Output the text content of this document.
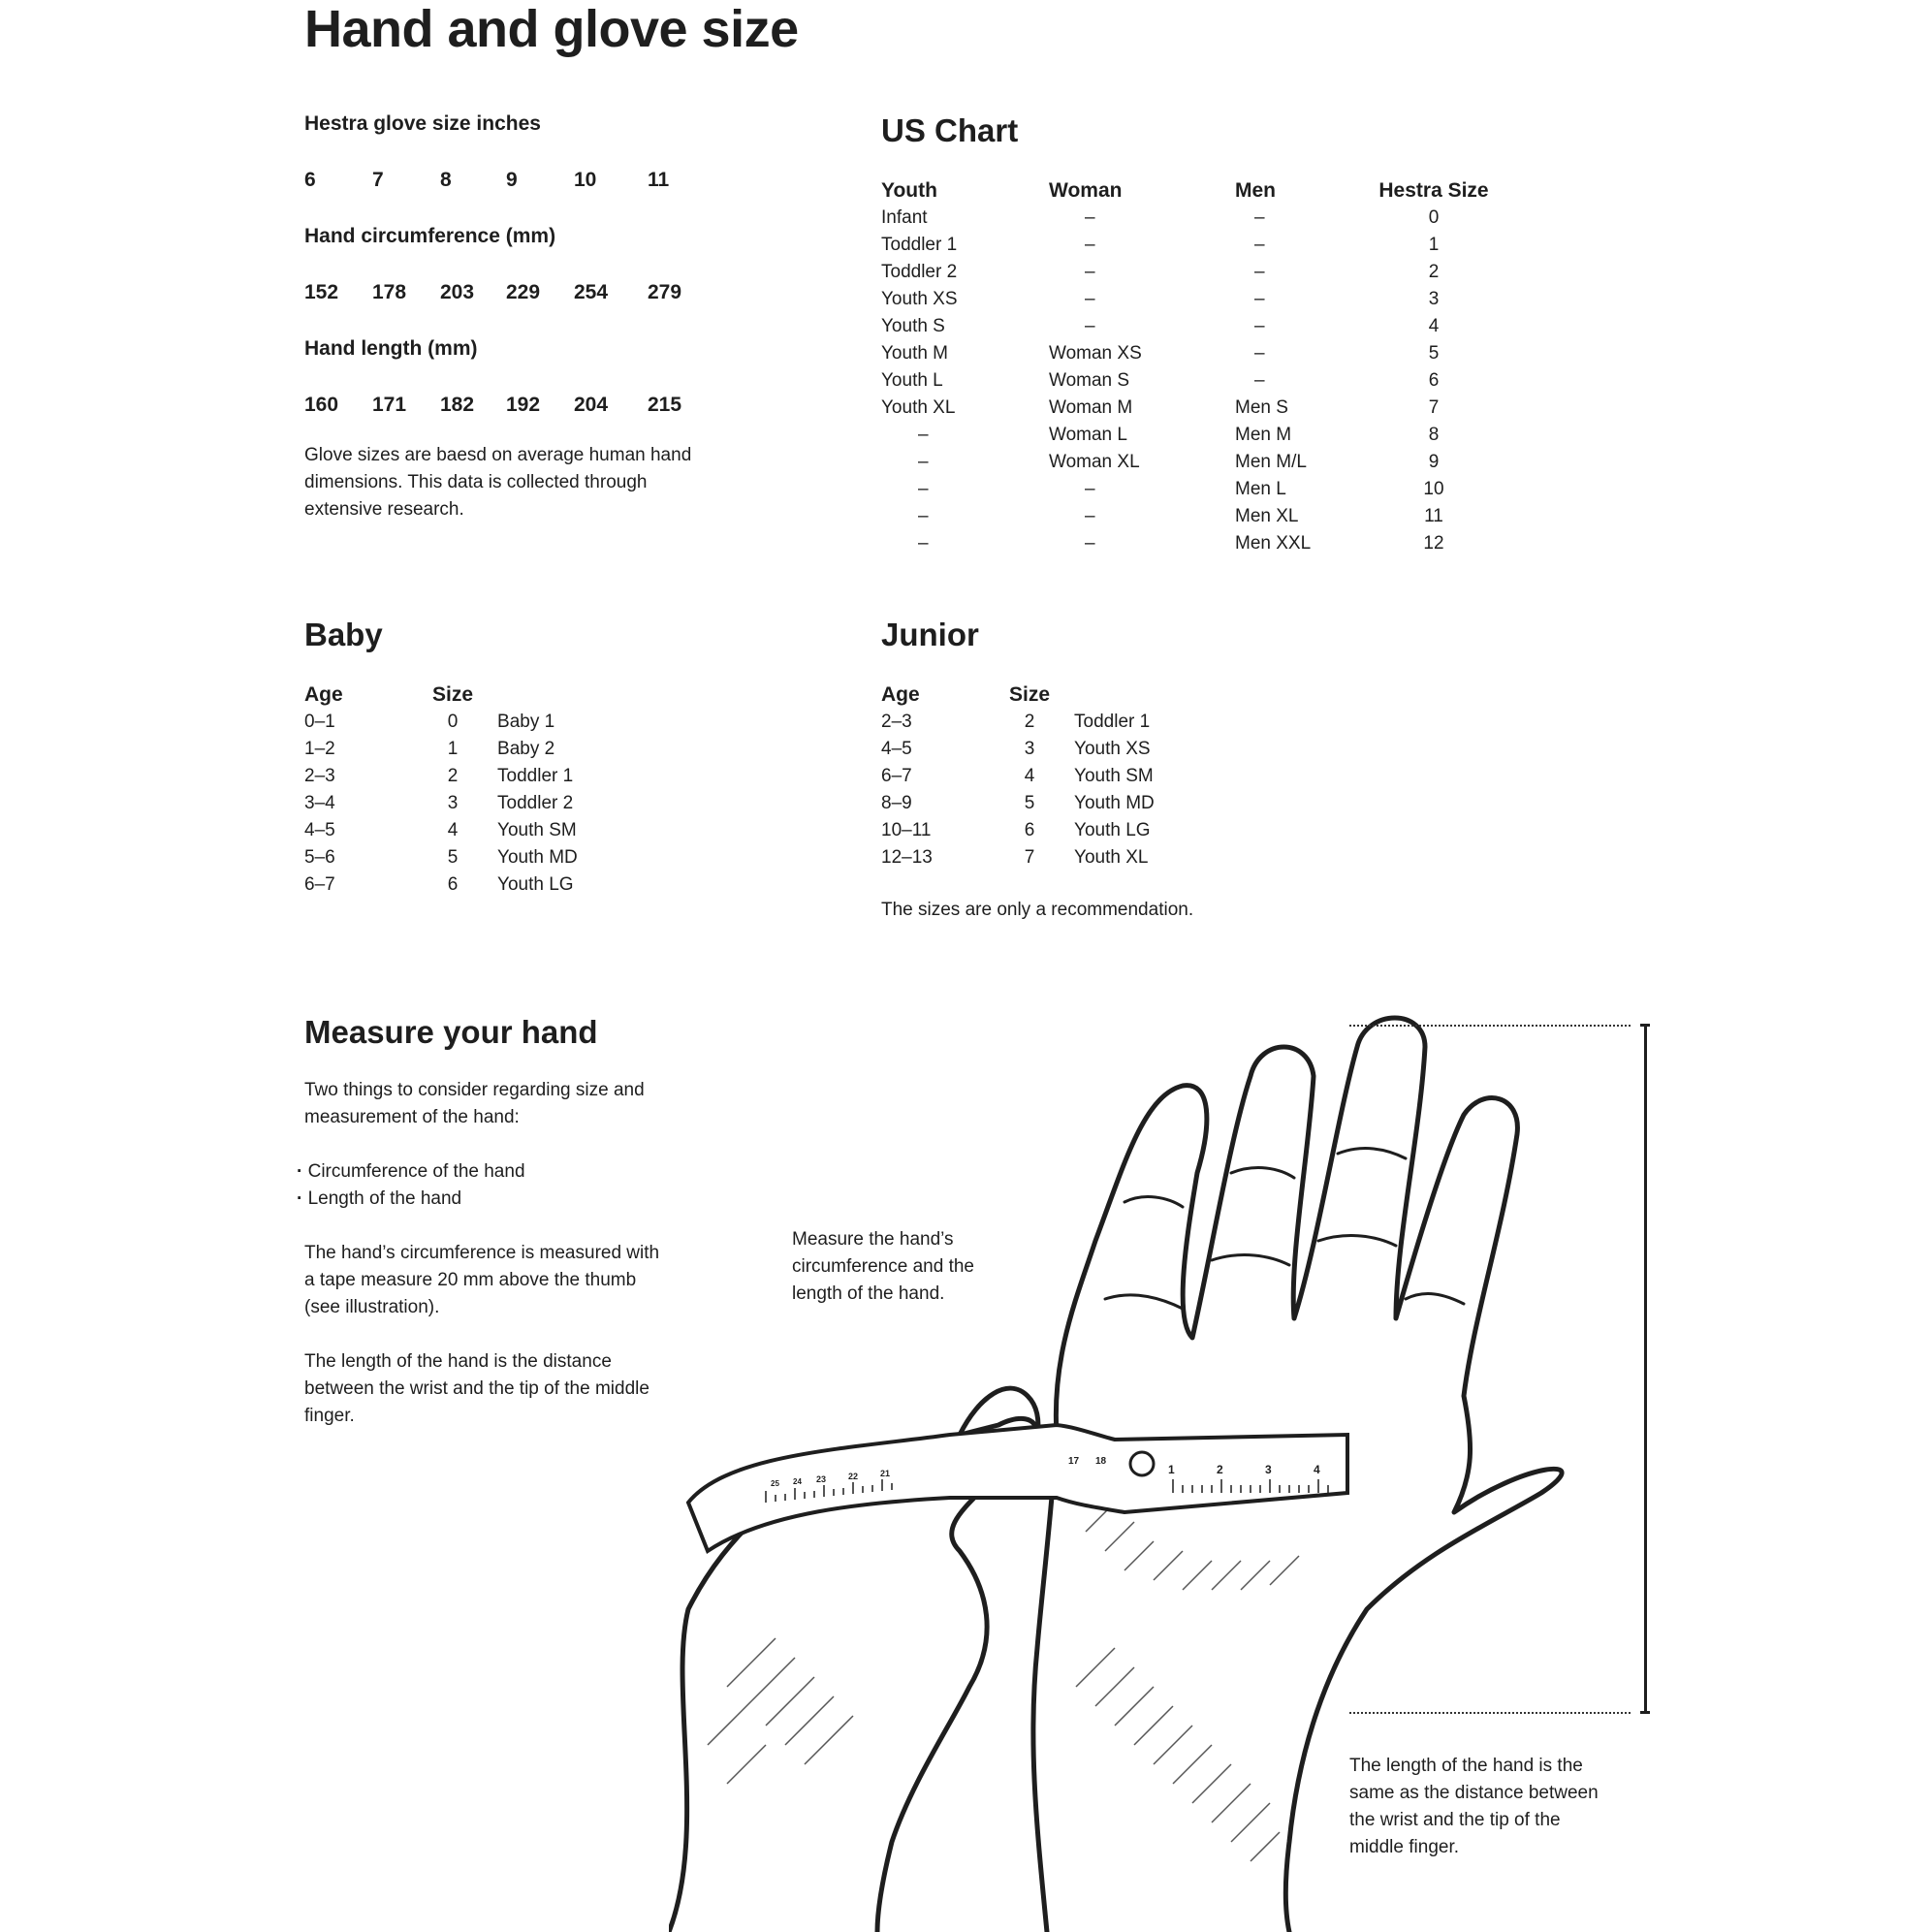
Hand and glove size
Hestra glove size inches
6	7	8	9	10	11
Hand circumference (mm)
152	178	203	229	254	279
Hand length (mm)
160	171	182	192	204	215
Glove sizes are baesd on average human hand
dimensions. This data is collected through
extensive research.
US Chart
Youth	Woman	Men	Hestra Size
Infant	–	–	0
Toddler 1	–	–	1
Toddler 2	–	–	2
Youth XS	–	–	3
Youth S	–	–	4
Youth M	Woman XS	–	5
Youth L	Woman S	–	6
Youth XL	Woman M	Men S	7
–	Woman L	Men M	8
–	Woman XL	Men M/L	9
–	–	Men L	10
–	–	Men XL	11
–	–	Men XXL	12
Baby
Age	Size	
0–1	0	Baby 1
1–2	1	Baby 2
2–3	2	Toddler 1
3–4	3	Toddler 2
4–5	4	Youth SM
5–6	5	Youth MD
6–7	6	Youth LG
Junior
Age	Size	
2–3	2	Toddler 1
4–5	3	Youth XS
6–7	4	Youth SM
8–9	5	Youth MD
10–11	6	Youth LG
12–13	7	Youth XL
The sizes are only a recommendation.
Measure your hand
Two things to consider regarding size and
measurement of the hand:
· Circumference of the hand
· Length of the hand
The hand’s circumference is measured with
a tape measure 20 mm above the thumb
(see illustration).
The length of the hand is the distance
between the wrist and the tip of the middle
finger.
Measure the hand’s
circumference and the
length of the hand.
1	2	3	4
17 18
25 24 23	22	21
The length of the hand is the
same as the distance between
the wrist and the tip of the
middle finger.
